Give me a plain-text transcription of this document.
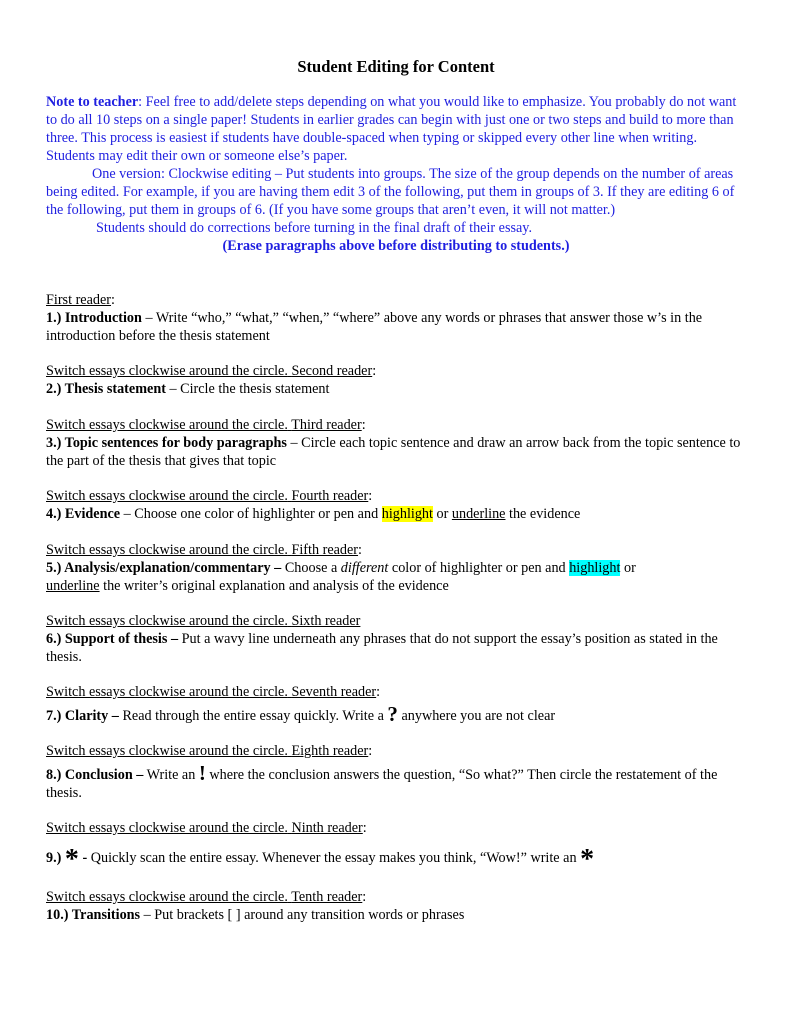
Student Editing for Content

Note to teacher: Feel free to add/delete steps depending on what you would like to emphasize. You probably do not want to do all 10 steps on a single paper! Students in earlier grades can begin with just one or two steps and build to more than three. This process is easiest if students have double-spaced when typing or skipped every other line when writing. Students may edit their own or someone else’s paper.

One version: Clockwise editing – Put students into groups. The size of the group depends on the number of areas being edited. For example, if you are having them edit 3 of the following, put them in groups of 3. If they are editing 6 of the following, put them in groups of 6. (If you have some groups that aren’t even, it will not matter.)

Students should do corrections before turning in the final draft of their essay.

(Erase paragraphs above before distributing to students.)

First reader:

1.) Introduction – Write “who,” “what,” “when,” “where” above any words or phrases that answer those w’s in the introduction before the thesis statement

Switch essays clockwise around the circle. Second reader:

2.) Thesis statement – Circle the thesis statement

Switch essays clockwise around the circle. Third reader:

3.) Topic sentences for body paragraphs – Circle each topic sentence and draw an arrow back from the topic sentence to the part of the thesis that gives that topic

Switch essays clockwise around the circle. Fourth reader:

4.) Evidence – Choose one color of highlighter or pen and highlight or underline the evidence

Switch essays clockwise around the circle. Fifth reader:

5.) Analysis/explanation/commentary – Choose a different color of highlighter or pen and highlight or
underline the writer’s original explanation and analysis of the evidence

Switch essays clockwise around the circle. Sixth reader

6.) Support of thesis – Put a wavy line underneath any phrases that do not support the essay’s position as stated in the thesis.

Switch essays clockwise around the circle. Seventh reader:

7.) Clarity – Read through the entire essay quickly. Write a ? anywhere you are not clear

Switch essays clockwise around the circle. Eighth reader:

8.) Conclusion – Write an ! where the conclusion answers the question, “So what?” Then circle the restatement of the thesis.

Switch essays clockwise around the circle. Ninth reader:

9.) * - Quickly scan the entire essay. Whenever the essay makes you think, “Wow!” write an *

Switch essays clockwise around the circle. Tenth reader:

10.) Transitions – Put brackets [ ] around any transition words or phrases
